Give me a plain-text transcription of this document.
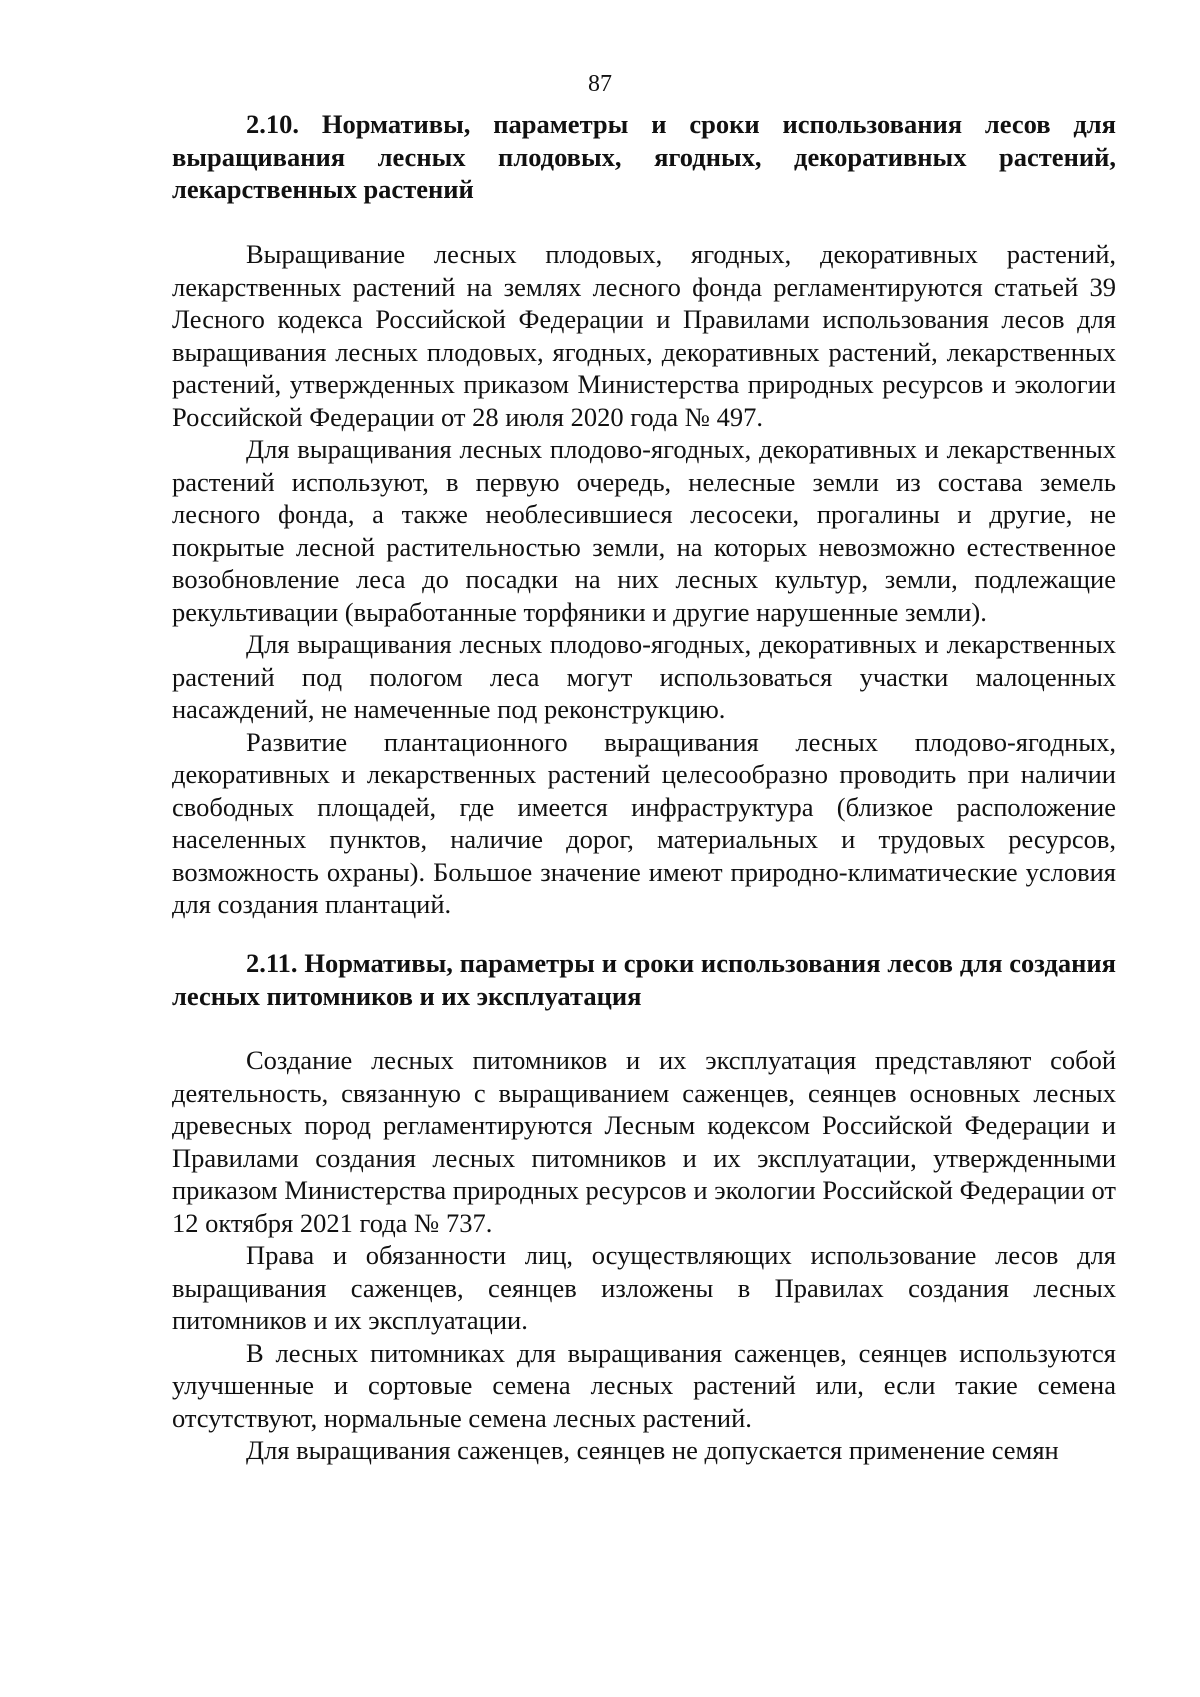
87

2.10. Нормативы, параметры и сроки использования лесов для выращивания лесных плодовых, ягодных, декоративных растений, лекарственных растений

Выращивание лесных плодовых, ягодных, декоративных растений, лекарственных растений на землях лесного фонда регламентируются статьей 39 Лесного кодекса Российской Федерации и Правилами использования лесов для выращивания лесных плодовых, ягодных, декоративных растений, лекарственных растений, утвержденных приказом Министерства природных ресурсов и экологии Российской Федерации от 28 июля 2020 года № 497.

Для выращивания лесных плодово-ягодных, декоративных и лекарственных растений используют, в первую очередь, нелесные земли из состава земель лесного фонда, а также необлесившиеся лесосеки, прогалины и другие, не покрытые лесной растительностью земли, на которых невозможно естественное возобновление леса до посадки на них лесных культур, земли, подлежащие рекультивации (выработанные торфяники и другие нарушенные земли).

Для выращивания лесных плодово-ягодных, декоративных и лекарственных растений под пологом леса могут использоваться участки малоценных насаждений, не намеченные под реконструкцию.

Развитие плантационного выращивания лесных плодово-ягодных, декоративных и лекарственных растений целесообразно проводить при наличии свободных площадей, где имеется инфраструктура (близкое расположение населенных пунктов, наличие дорог, материальных и трудовых ресурсов, возможность охраны). Большое значение имеют природно-климатические условия для создания плантаций.

2.11. Нормативы, параметры и сроки использования лесов для создания лесных питомников и их эксплуатация

Создание лесных питомников и их эксплуатация представляют собой деятельность, связанную с выращиванием саженцев, сеянцев основных лесных древесных пород регламентируются Лесным кодексом Российской Федерации и Правилами создания лесных питомников и их эксплуатации, утвержденными приказом Министерства природных ресурсов и экологии Российской Федерации от 12 октября 2021 года № 737.

Права и обязанности лиц, осуществляющих использование лесов для выращивания саженцев, сеянцев изложены в Правилах создания лесных питомников и их эксплуатации.

В лесных питомниках для выращивания саженцев, сеянцев используются улучшенные и сортовые семена лесных растений или, если такие семена отсутствуют, нормальные семена лесных растений.

Для выращивания саженцев, сеянцев не допускается применение семян
